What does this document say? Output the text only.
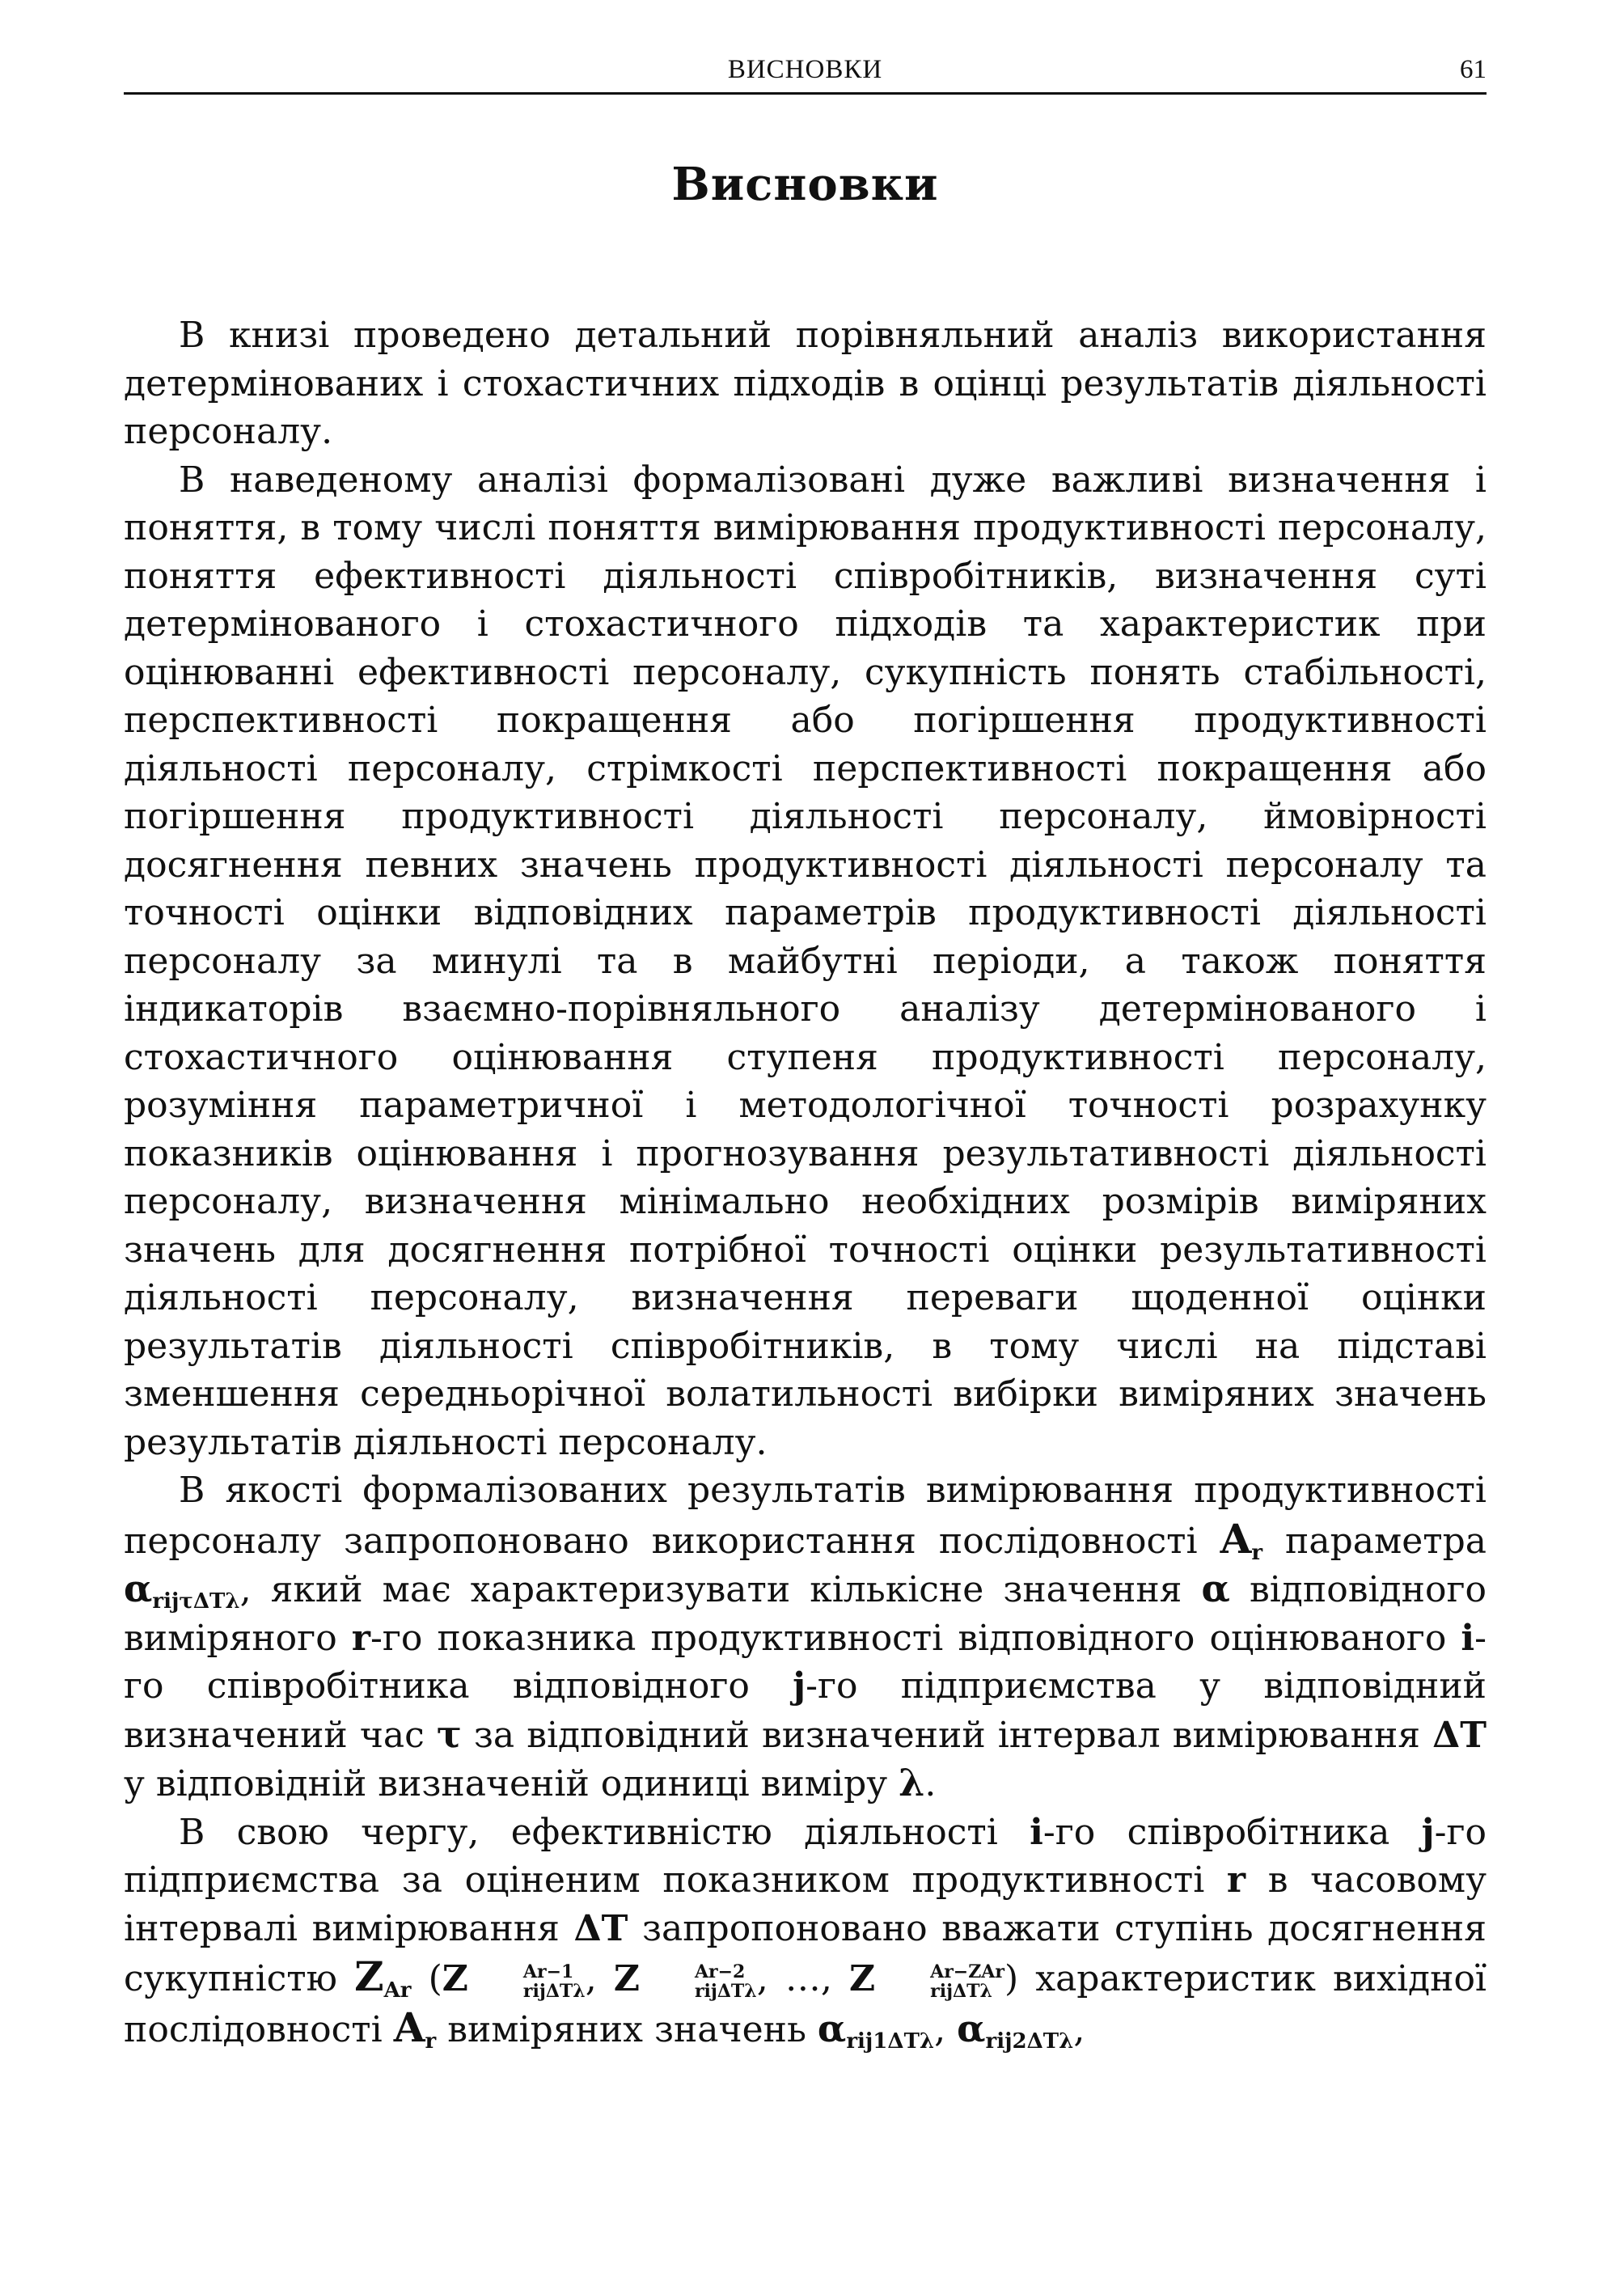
ВИСНОВКИ	61
Висновки

В книзі проведено детальний порівняльний аналіз використання детермінованих і стохастичних підходів в оцінці результатів діяльності персоналу.

В наведеному аналізі формалізовані дуже важливі визначення і поняття, в тому числі поняття вимірювання продуктивності персоналу, поняття ефективності діяльності співробітників, визначення суті детермінованого і стохастичного підходів та характеристик при оцінюванні ефективності персоналу, сукупність понять стабільності, перспективності покращення або погіршення продуктивності діяльності персоналу, стрімкості перспективності покращення або погіршення продуктивності діяльності персоналу, ймовірності досягнення певних значень продуктивності діяльності персоналу та точності оцінки відповідних параметрів продуктивності діяльності персоналу за минулі та в майбутні періоди, а також поняття індикаторів взаємно-порівняльного аналізу детермінованого і стохастичного оцінювання ступеня продуктивності персоналу, розуміння параметричної і методологічної точності розрахунку показників оцінювання і прогнозування результативності діяльності персоналу, визначення мінімально необхідних розмірів виміряних значень для досягнення потрібної точності оцінки результативності діяльності персоналу, визначення переваги щоденної оцінки результатів діяльності співробітників, в тому числі на підставі зменшення середньорічної волатильності вибірки виміряних значень результатів діяльності персоналу.

В якості формалізованих результатів вимірювання продуктивності персоналу запропоновано використання послідовності $A_r$ параметра $\alpha_{rij\tau\Delta T\lambda}$, який має характеризувати кількісне значення α відповідного виміряного r-го показника продуктивності відповідного оцінюваного i-го співробітника відповідного j-го підприємства у відповідний визначений час τ за відповідний визначений інтервал вимірювання ΔT у відповідній визначеній одиниці виміру λ.

В свою чергу, ефективністю діяльності i-го співробітника j-го підприємства за оціненим показником продуктивності r в часовому інтервалі вимірювання ΔT запропоновано вважати ступінь досягнення сукупністю $Z_{Ar}$ (Z	Ar−1
rijΔTλ , Z	Ar−2
rijΔTλ , …, Z	Ar−ZAr
rijΔTλ ) характеристик вихідної послідовності $A_r$ виміряних значень $\alpha_{rij1\Delta T\lambda}$, $\alpha_{rij2\Delta T\lambda}$,
